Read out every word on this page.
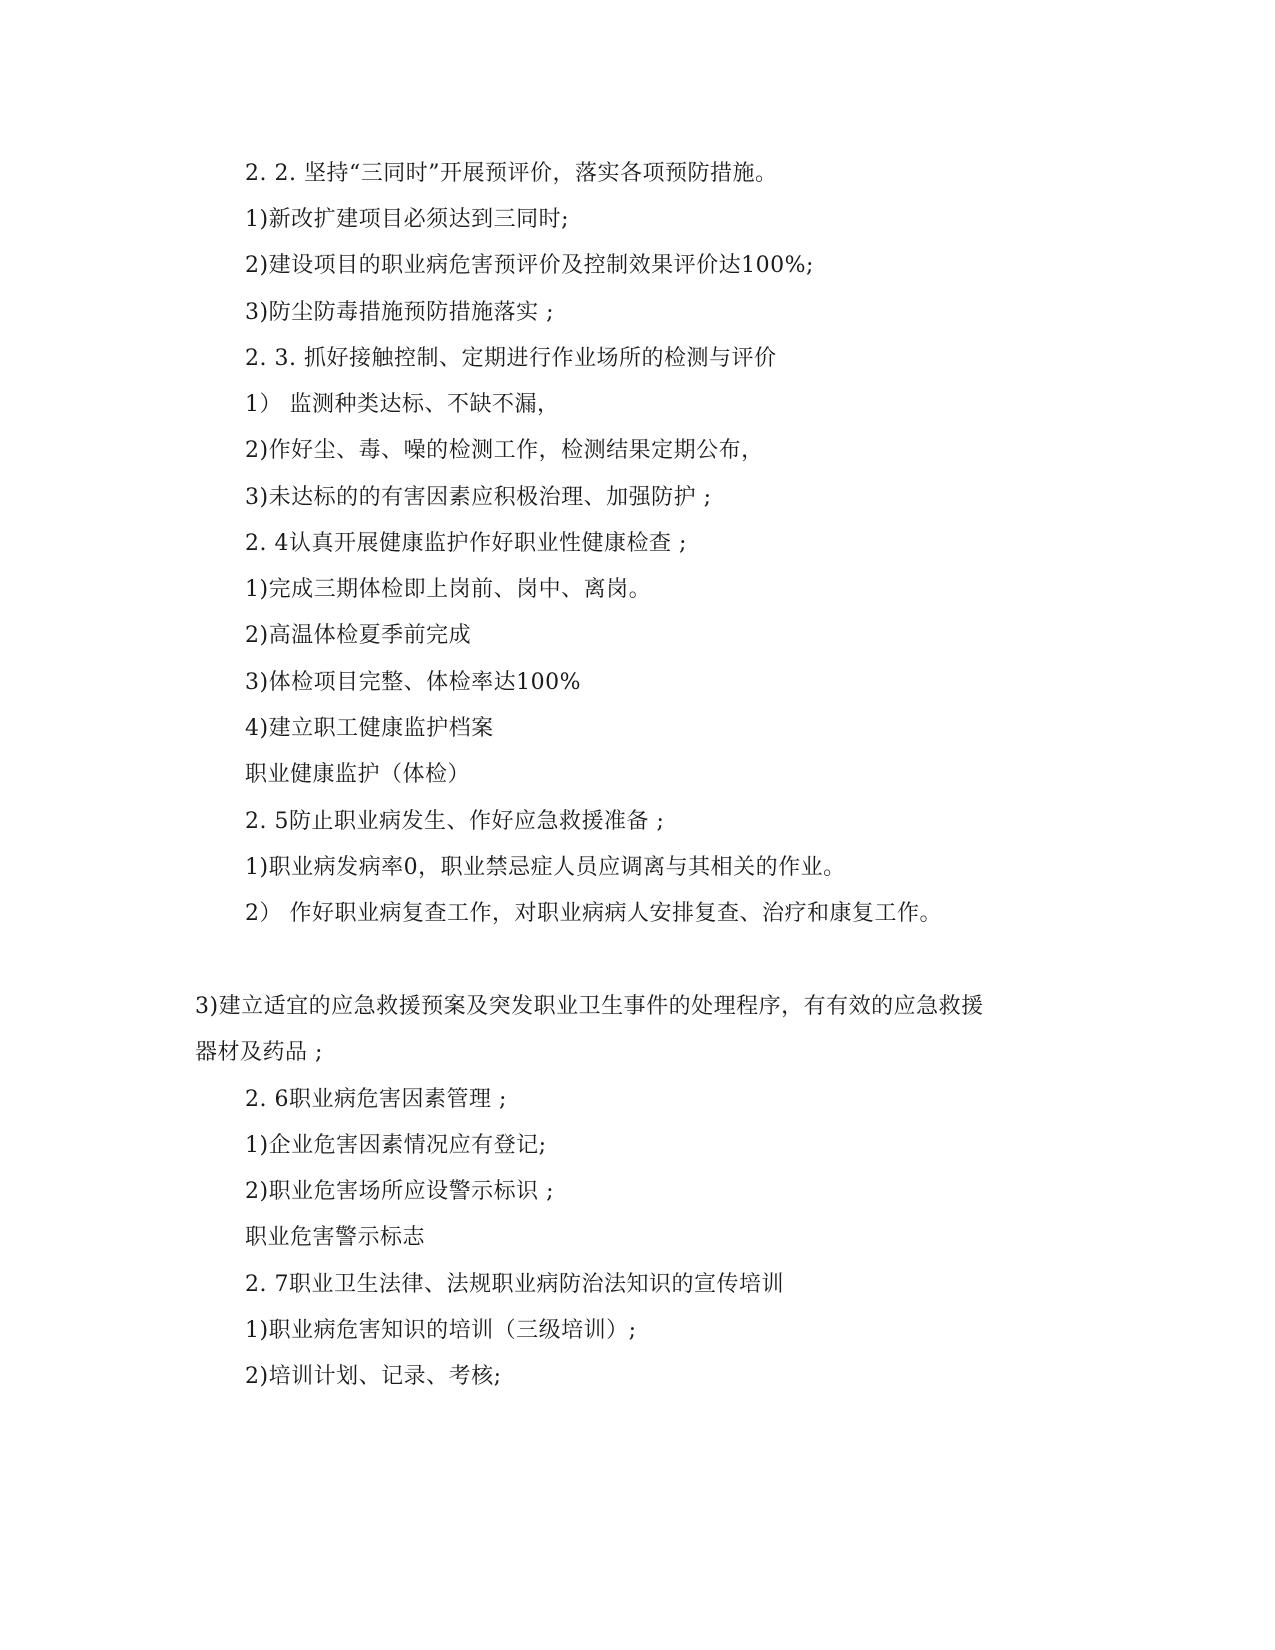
2. 2. 坚持“三同时”开展预评价，落实各项预防措施。
1)新改扩建项目必须达到三同时;
2)建设项目的职业病危害预评价及控制效果评价达100%;
3)防尘防毒措施预防措施落实 ;
2. 3. 抓好接触控制、定期进行作业场所的检测与评价
1） 监测种类达标、不缺不漏，
2)作好尘、毒、噪的检测工作，检测结果定期公布，
3)未达标的的有害因素应积极治理、加强防护 ;
2. 4认真开展健康监护作好职业性健康检查 ;
1)完成三期体检即上岗前、岗中、离岗。
2)高温体检夏季前完成
3)体检项目完整、体检率达100%
4)建立职工健康监护档案
职业健康监护（体检）
2. 5防止职业病发生、作好应急救援准备 ;
1)职业病发病率0，职业禁忌症人员应调离与其相关的作业。
2） 作好职业病复查工作，对职业病病人安排复查、治疗和康复工作。
3)建立适宜的应急救援预案及突发职业卫生事件的处理程序，有有效的应急救援
器材及药品 ;
2. 6职业病危害因素管理 ;
1)企业危害因素情况应有登记;
2)职业危害场所应设警示标识 ;
职业危害警示标志
2. 7职业卫生法律、法规职业病防治法知识的宣传培训
1)职业病危害知识的培训（三级培训）;
2)培训计划、记录、考核;
